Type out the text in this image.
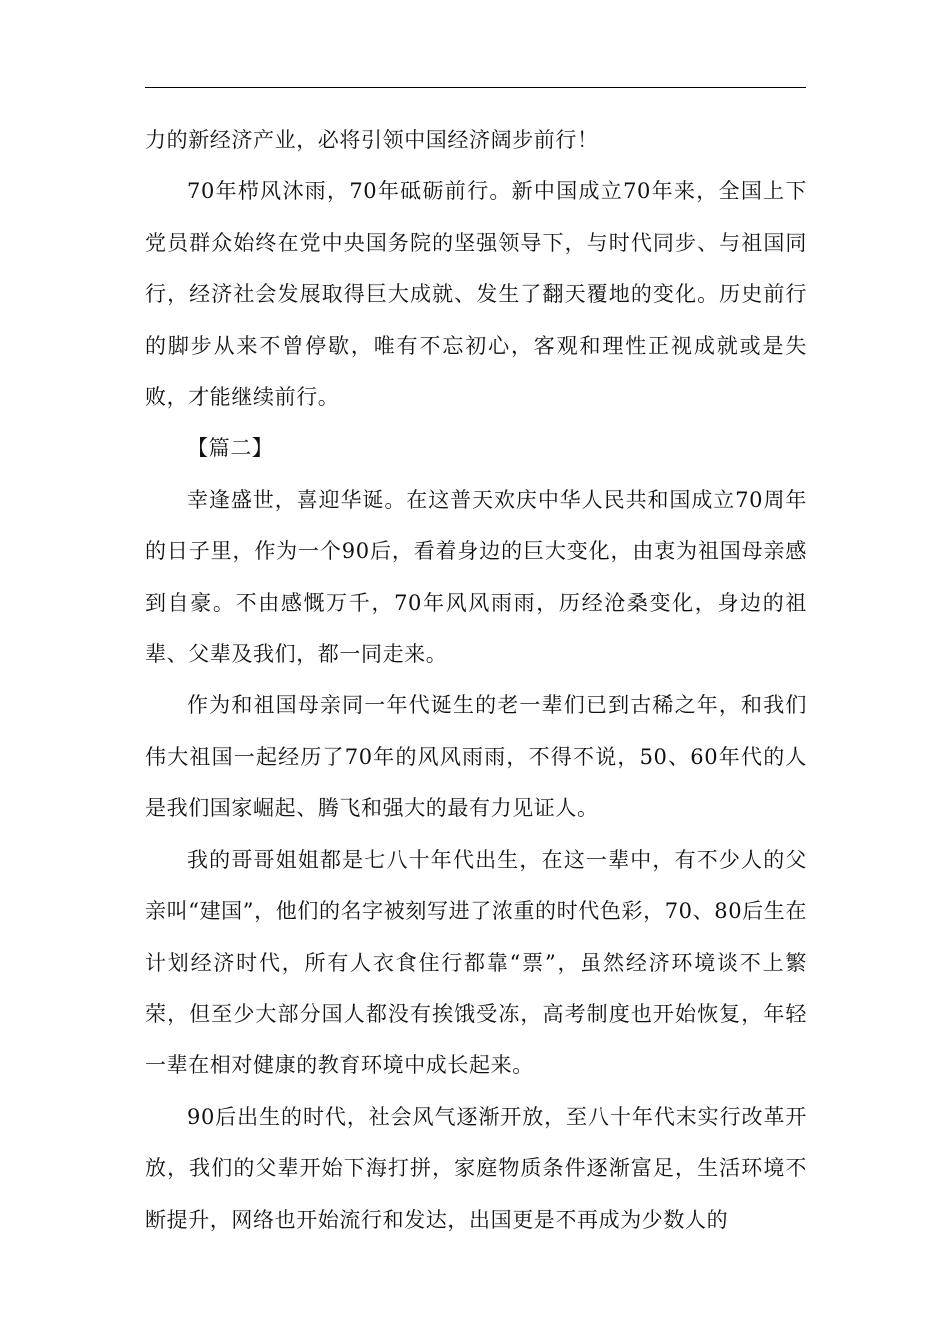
力的新经济产业，必将引领中国经济阔步前行！

70年栉风沐雨，70年砥砺前行。新中国成立70年来，全国上下党员群众始终在党中央国务院的坚强领导下，与时代同步、与祖国同行，经济社会发展取得巨大成就、发生了翻天覆地的变化。历史前行的脚步从来不曾停歇，唯有不忘初心，客观和理性正视成就或是失败，才能继续前行。

【篇二】

幸逢盛世，喜迎华诞。在这普天欢庆中华人民共和国成立70周年的日子里，作为一个90后，看着身边的巨大变化，由衷为祖国母亲感到自豪。不由感慨万千，70年风风雨雨，历经沧桑变化，身边的祖辈、父辈及我们，都一同走来。

作为和祖国母亲同一年代诞生的老一辈们已到古稀之年，和我们伟大祖国一起经历了70年的风风雨雨，不得不说，50、60年代的人是我们国家崛起、腾飞和强大的最有力见证人。

我的哥哥姐姐都是七八十年代出生，在这一辈中，有不少人的父亲叫“建国”，他们的名字被刻写进了浓重的时代色彩，70、80后生在计划经济时代，所有人衣食住行都靠“票”，虽然经济环境谈不上繁荣，但至少大部分国人都没有挨饿受冻，高考制度也开始恢复，年轻一辈在相对健康的教育环境中成长起来。

90后出生的时代，社会风气逐渐开放，至八十年代末实行改革开放，我们的父辈开始下海打拼，家庭物质条件逐渐富足，生活环境不断提升，网络也开始流行和发达，出国更是不再成为少数人的
